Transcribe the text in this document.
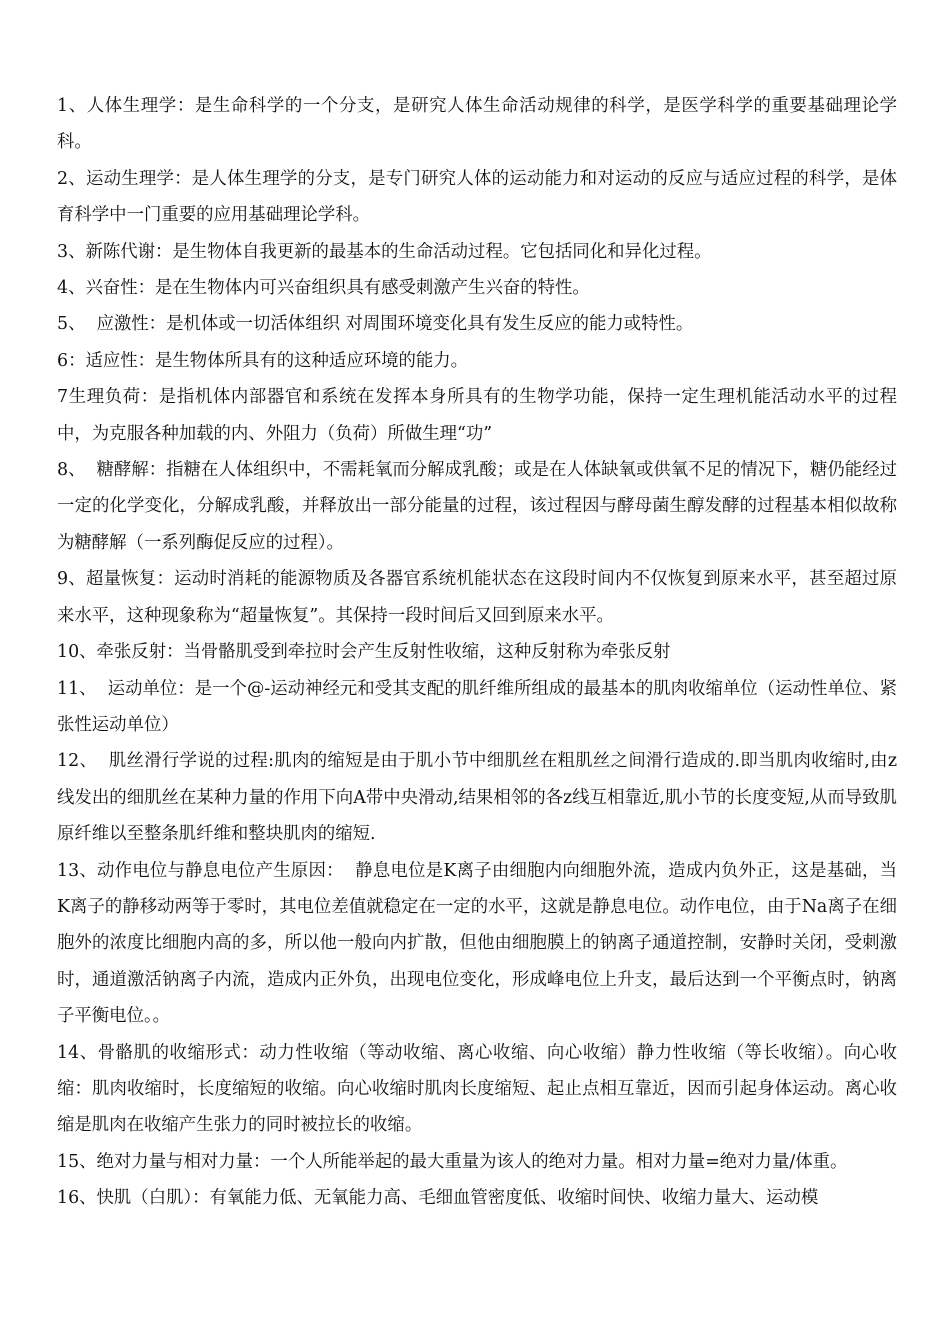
1、人体生理学：是生命科学的一个分支，是研究人体生命活动规律的科学，是医学科学的重要基础理论学科。

2、运动生理学：是人体生理学的分支，是专门研究人体的运动能力和对运动的反应与适应过程的科学，是体育科学中一门重要的应用基础理论学科。

3、新陈代谢：是生物体自我更新的最基本的生命活动过程。它包括同化和异化过程。

4、兴奋性：是在生物体内可兴奋组织具有感受刺激产生兴奋的特性。

5、  应激性：是机体或一切活体组织 对周围环境变化具有发生反应的能力或特性。

6：适应性：是生物体所具有的这种适应环境的能力。

7生理负荷：是指机体内部器官和系统在发挥本身所具有的生物学功能，保持一定生理机能活动水平的过程中，为克服各种加载的内、外阻力（负荷）所做生理“功”

8、  糖酵解：指糖在人体组织中，不需耗氧而分解成乳酸；或是在人体缺氧或供氧不足的情况下，糖仍能经过一定的化学变化，分解成乳酸，并释放出一部分能量的过程，该过程因与酵母菌生醇发酵的过程基本相似故称为糖酵解（一系列酶促反应的过程）。

9、超量恢复：运动时消耗的能源物质及各器官系统机能状态在这段时间内不仅恢复到原来水平，甚至超过原来水平，这种现象称为“超量恢复”。其保持一段时间后又回到原来水平。

10、牵张反射：当骨骼肌受到牵拉时会产生反射性收缩，这种反射称为牵张反射

11、  运动单位：是一个@-运动神经元和受其支配的肌纤维所组成的最基本的肌肉收缩单位（运动性单位、紧张性运动单位）

12、  肌丝滑行学说的过程:肌肉的缩短是由于肌小节中细肌丝在粗肌丝之间滑行造成的.即当肌肉收缩时,由z线发出的细肌丝在某种力量的作用下向A带中央滑动,结果相邻的各z线互相靠近,肌小节的长度变短,从而导致肌原纤维以至整条肌纤维和整块肌肉的缩短.

13、动作电位与静息电位产生原因：  静息电位是K离子由细胞内向细胞外流，造成内负外正，这是基础，当K离子的静移动两等于零时，其电位差值就稳定在一定的水平，这就是静息电位。动作电位，由于Na离子在细胞外的浓度比细胞内高的多，所以他一般向内扩散，但他由细胞膜上的钠离子通道控制，安静时关闭，受刺激时，通道激活钠离子内流，造成内正外负，出现电位变化，形成峰电位上升支，最后达到一个平衡点时，钠离子平衡电位。。

14、骨骼肌的收缩形式：动力性收缩（等动收缩、离心收缩、向心收缩）静力性收缩（等长收缩）。向心收缩：肌肉收缩时，长度缩短的收缩。向心收缩时肌肉长度缩短、起止点相互靠近，因而引起身体运动。离心收缩是肌肉在收缩产生张力的同时被拉长的收缩。

15、绝对力量与相对力量：一个人所能举起的最大重量为该人的绝对力量。相对力量=绝对力量/体重。

16、快肌（白肌）：有氧能力低、无氧能力高、毛细血管密度低、收缩时间快、收缩力量大、运动模
